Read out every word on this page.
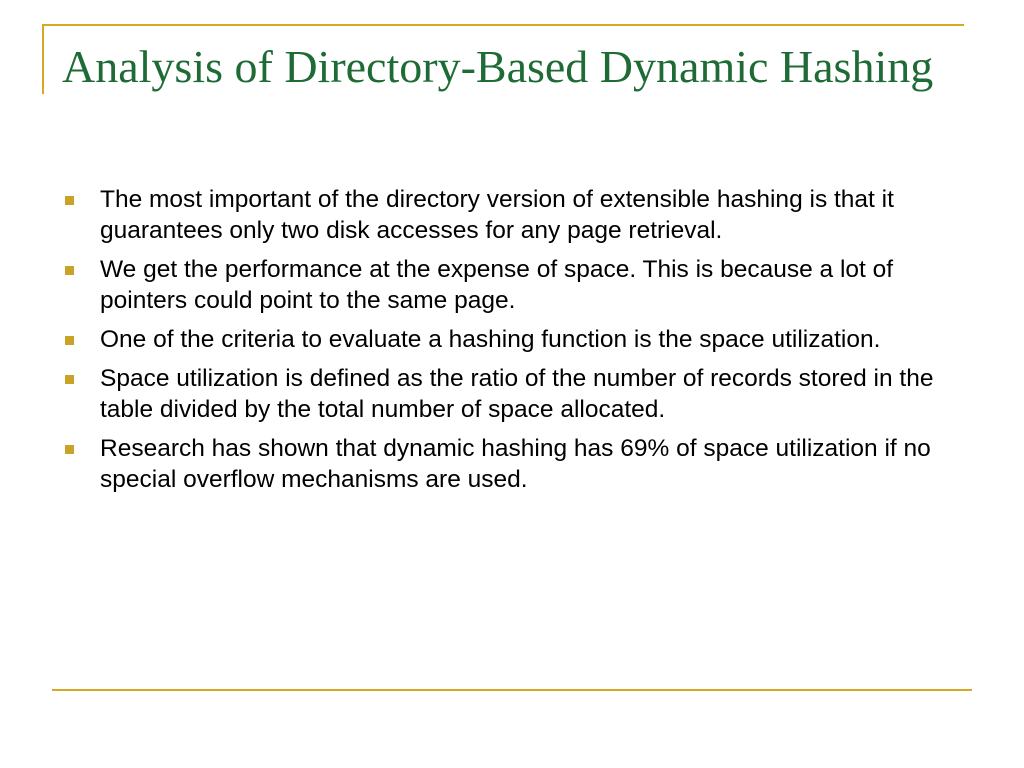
Analysis of Directory-Based Dynamic Hashing
The most important of the directory version of extensible hashing is that it guarantees only two disk accesses for any page retrieval.
We get the performance at the expense of space. This is because a lot of pointers could point to the same page.
One of the criteria to evaluate a hashing function is the space utilization.
Space utilization is defined as the ratio of the number of records stored in the table divided by the total number of space allocated.
Research has shown that dynamic hashing has 69% of space utilization if no special overflow mechanisms are used.
